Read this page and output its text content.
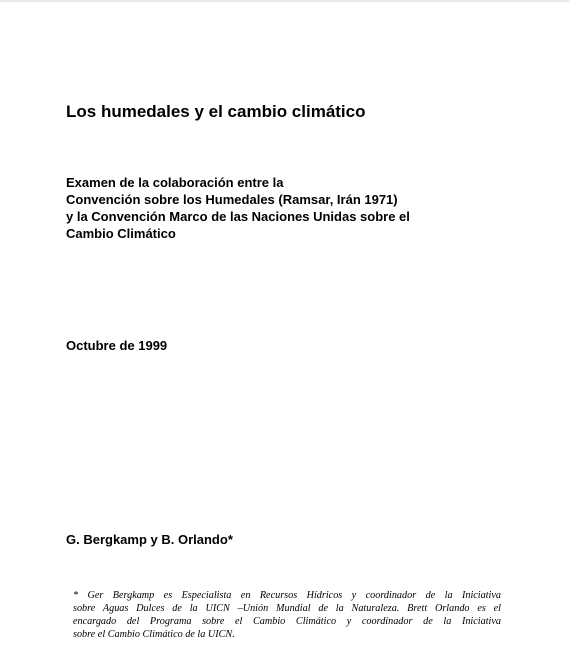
Los humedales y el cambio climático
Examen de la colaboración entre la
Convención sobre los Humedales (Ramsar, Irán 1971)
y la Convención Marco de las Naciones Unidas sobre el
Cambio Climático

Octubre de 1999

G. Bergkamp y B. Orlando*

* Ger Bergkamp es Especialista en Recursos Hídricos y coordinador de la Iniciativa
sobre Aguas Dulces de la UICN –Unión Mundial de la Naturaleza. Brett Orlando es el
encargado del Programa sobre el Cambio Climático y coordinador de la Iniciativa
sobre el Cambio Climático de la UICN.
